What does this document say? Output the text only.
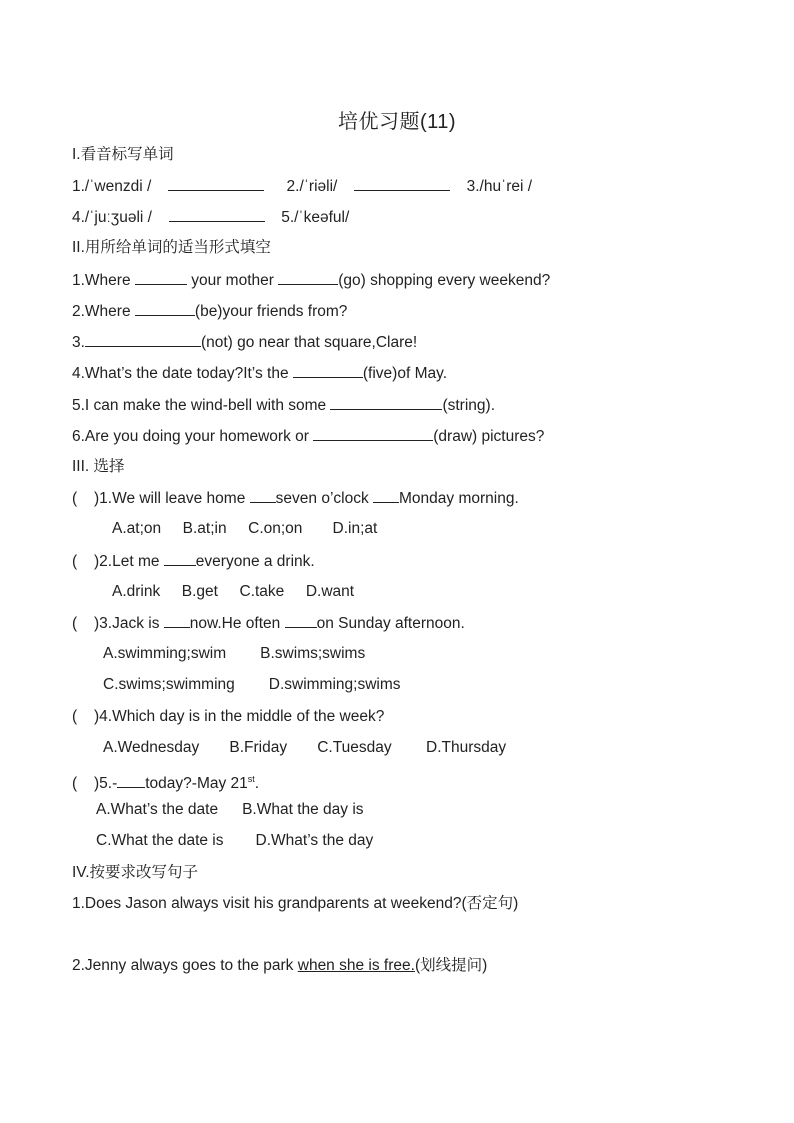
培优习题(11)
I.看音标写单词
1./ˈwenzdi /	2./ˈriəli/	3./huˈrei /
4./ˈjuːʒuəli /	5./ˈkeəful/
II.用所给单词的适当形式填空
1.Where	your mother	(go) shopping every weekend?
2.Where	(be)your friends from?
3.	(not) go near that square,Clare!
4.What’s the date today?It’s the	(five)of May.
5.I can make the wind-bell with some	(string).
6.Are you doing your homework or	(draw) pictures?
III. 选择
( )1.We will leave home seven o’clock Monday morning.
A.at;on     B.at;in     C.on;on       D.in;at
( )2.Let me everyone a drink.
A.drink     B.get     C.take     D.want
( )3.Jack is now.He often on Sunday afternoon.
A.swimming;swim B.swims;swims
C.swims;swimming D.swimming;swims
( )4.Which day is in the middle of the week?
A.Wednesday       B.Friday       C.Tuesday        D.Thursday
( )5.- today?-May 21st.
A.What’s the date B.What the day is
C.What the date is D.What’s the day
IV.按要求改写句子
1.Does Jason always visit his grandparents at weekend?(否定句)
2.Jenny always goes to the park when she is free.(划线提问)
